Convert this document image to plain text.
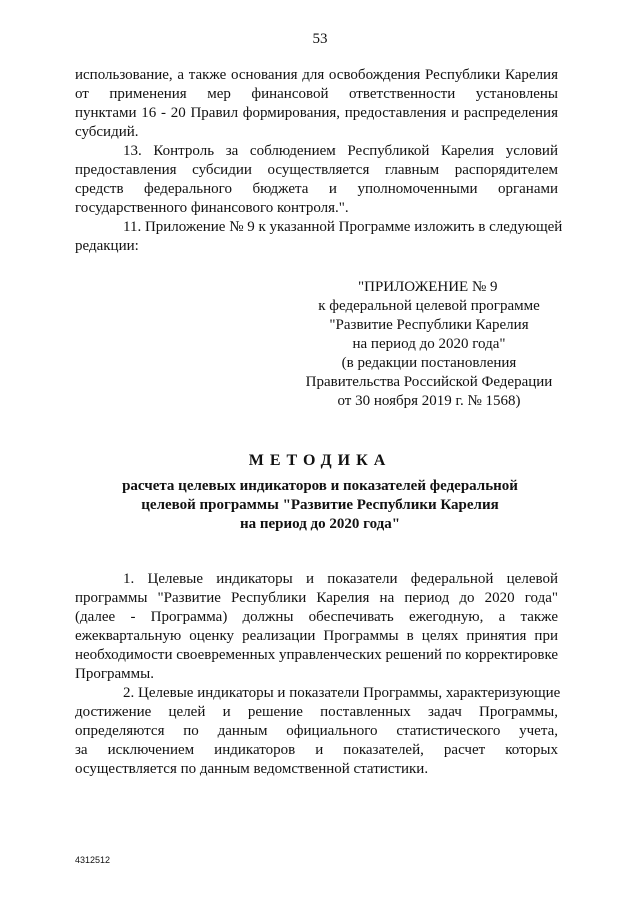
53
использование, а также основания для освобождения Республики Карелия
от применения мер финансовой ответственности установлены
пунктами 16 - 20 Правил формирования, предоставления и распределения
субсидий.
13. Контроль за соблюдением Республикой Карелия условий
предоставления субсидии осуществляется главным распорядителем
средств федерального бюджета и уполномоченными органами
государственного финансового контроля.".
11. Приложение № 9 к указанной Программе изложить в следующей
редакции:
"ПРИЛОЖЕНИЕ № 9
к федеральной целевой программе
"Развитие Республики Карелия
на период до 2020 года"
(в редакции постановления
Правительства Российской Федерации
от 30 ноября 2019 г. № 1568)
МЕТОДИКА
расчета целевых индикаторов и показателей федеральной
целевой программы "Развитие Республики Карелия
на период до 2020 года"
1. Целевые индикаторы и показатели федеральной целевой
программы "Развитие Республики Карелия на период до 2020 года"
(далее - Программа) должны обеспечивать ежегодную, а также
ежеквартальную оценку реализации Программы в целях принятия при
необходимости своевременных управленческих решений по корректировке
Программы.
2. Целевые индикаторы и показатели Программы, характеризующие
достижение целей и решение поставленных задач Программы,
определяются по данным официального статистического учета,
за исключением индикаторов и показателей, расчет которых
осуществляется по данным ведомственной статистики.
4312512
